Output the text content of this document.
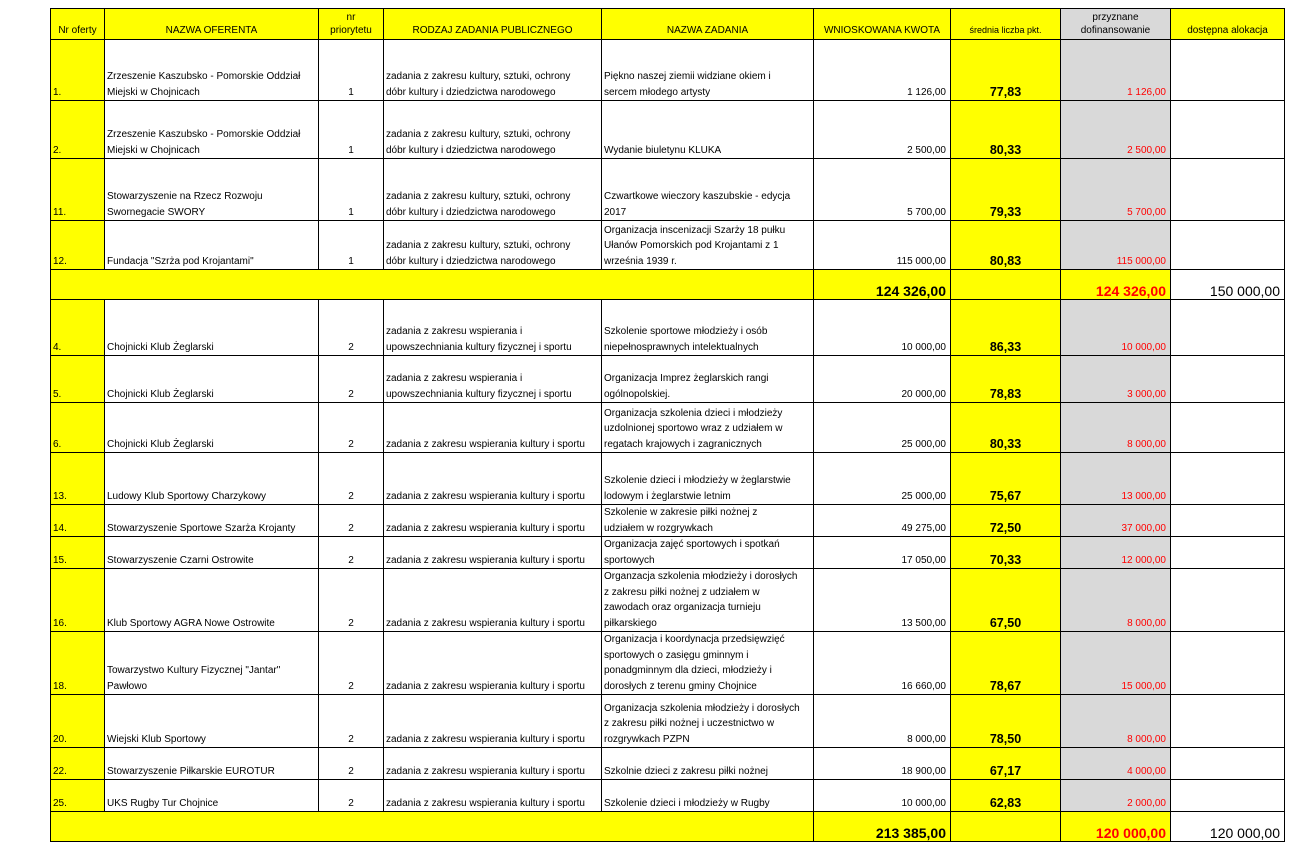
Nr oferty	NAZWA OFERENTA	nr
priorytetu	RODZAJ ZADANIA PUBLICZNEGO	NAZWA ZADANIA	WNIOSKOWANA KWOTA	średnia liczba pkt.	przyznane
dofinansowanie	dostępna alokacja
1.	Zrzeszenie Kaszubsko - Pomorskie Oddział
Miejski w Chojnicach	1	zadania z zakresu kultury, sztuki, ochrony
dóbr kultury i dziedzictwa narodowego	Piękno naszej ziemii widziane okiem i
sercem młodego artysty	1 126,00	77,83	1 126,00	
2.	Zrzeszenie Kaszubsko - Pomorskie Oddział
Miejski w Chojnicach	1	zadania z zakresu kultury, sztuki, ochrony
dóbr kultury i dziedzictwa narodowego	Wydanie biuletynu KLUKA	2 500,00	80,33	2 500,00	
11.	Stowarzyszenie na Rzecz Rozwoju
Swornegacie SWORY	1	zadania z zakresu kultury, sztuki, ochrony
dóbr kultury i dziedzictwa narodowego	Czwartkowe wieczory kaszubskie - edycja
2017	5 700,00	79,33	5 700,00	
12.	Fundacja "Szrża pod Krojantami"	1	zadania z zakresu kultury, sztuki, ochrony
dóbr kultury i dziedzictwa narodowego	Organizacja inscenizacji Szarży 18 pułku
Ułanów Pomorskich pod Krojantami z 1
września 1939 r.	115 000,00	80,83	115 000,00	
					124 326,00		124 326,00	150 000,00
4.	Chojnicki Klub Żeglarski	2	zadania z zakresu wspierania i
upowszechniania kultury fizycznej i sportu	Szkolenie sportowe młodzieży i osób
niepełnosprawnych intelektualnych	10 000,00	86,33	10 000,00	
5.	Chojnicki Klub Żeglarski	2	zadania z zakresu wspierania i
upowszechniania kultury fizycznej i sportu	Organizacja Imprez żeglarskich rangi
ogólnopolskiej.	20 000,00	78,83	3 000,00	
6.	Chojnicki Klub Żeglarski	2	zadania z zakresu wspierania kultury i sportu	Organizacja szkolenia dzieci i młodzieży
uzdolnionej sportowo wraz z udziałem w
regatach krajowych i zagranicznych	25 000,00	80,33	8 000,00	
13.	Ludowy Klub Sportowy Charzykowy	2	zadania z zakresu wspierania kultury i sportu	Szkolenie dzieci i młodzieży w żeglarstwie
lodowym i żeglarstwie letnim	25 000,00	75,67	13 000,00	
14.	Stowarzyszenie Sportowe Szarża Krojanty	2	zadania z zakresu wspierania kultury i sportu	Szkolenie w zakresie piłki nożnej z
udziałem w rozgrywkach	49 275,00	72,50	37 000,00	
15.	Stowarzyszenie Czarni Ostrowite	2	zadania z zakresu wspierania kultury i sportu	Organizacja zajęć sportowych i spotkań
sportowych	17 050,00	70,33	12 000,00	
16.	Klub Sportowy AGRA Nowe Ostrowite	2	zadania z zakresu wspierania kultury i sportu	Organzacja szkolenia młodzieży i dorosłych
z zakresu piłki nożnej z udziałem w
zawodach oraz organizacja turnieju
piłkarskiego	13 500,00	67,50	8 000,00	
18.	Towarzystwo Kultury Fizycznej "Jantar"
Pawłowo	2	zadania z zakresu wspierania kultury i sportu	Organizacja i koordynacja przedsięwzięć
sportowych o zasięgu gminnym i
ponadgminnym dla dzieci, młodzieży i
dorosłych z terenu gminy Chojnice	16 660,00	78,67	15 000,00	
20.	Wiejski Klub Sportowy	2	zadania z zakresu wspierania kultury i sportu	Organizacja szkolenia młodzieży i dorosłych
z zakresu piłki nożnej i uczestnictwo w
rozgrywkach PZPN	8 000,00	78,50	8 000,00	
22.	Stowarzyszenie Piłkarskie EUROTUR	2	zadania z zakresu wspierania kultury i sportu	Szkolnie dzieci z zakresu piłki nożnej	18 900,00	67,17	4 000,00	
25.	UKS Rugby Tur Chojnice	2	zadania z zakresu wspierania kultury i sportu	Szkolenie dzieci i młodzieży w Rugby	10 000,00	62,83	2 000,00	
					213 385,00		120 000,00	120 000,00
